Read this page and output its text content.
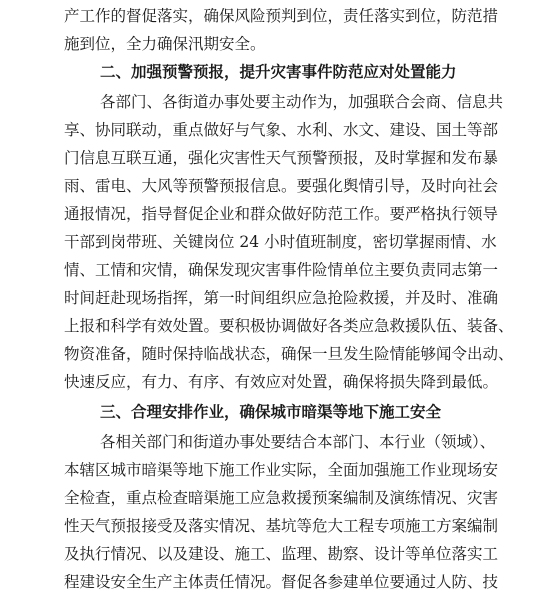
产工作的督促落实，确保风险预判到位，责任落实到位，防范措
施到位，全力确保汛期安全。
二、加强预警预报，提升灾害事件防范应对处置能力
各部门、各街道办事处要主动作为，加强联合会商、信息共
享、协同联动，重点做好与气象、水利、水文、建设、国土等部
门信息互联互通，强化灾害性天气预警预报，及时掌握和发布暴
雨、雷电、大风等预警预报信息。要强化舆情引导，及时向社会
通报情况，指导督促企业和群众做好防范工作。要严格执行领导
干部到岗带班、关键岗位 24 小时值班制度，密切掌握雨情、水
情、工情和灾情，确保发现灾害事件险情单位主要负责同志第一
时间赶赴现场指挥，第一时间组织应急抢险救援，并及时、准确
上报和科学有效处置。要积极协调做好各类应急救援队伍、装备、
物资准备，随时保持临战状态，确保一旦发生险情能够闻令出动、
快速反应，有力、有序、有效应对处置，确保将损失降到最低。
三、合理安排作业，确保城市暗渠等地下施工安全
各相关部门和街道办事处要结合本部门、本行业（领域）、
本辖区城市暗渠等地下施工作业实际，全面加强施工作业现场安
全检查，重点检查暗渠施工应急救援预案编制及演练情况、灾害
性天气预报接受及落实情况、基坑等危大工程专项施工方案编制
及执行情况、以及建设、施工、监理、勘察、设计等单位落实工
程建设安全生产主体责任情况。督促各参建单位要通过人防、技
